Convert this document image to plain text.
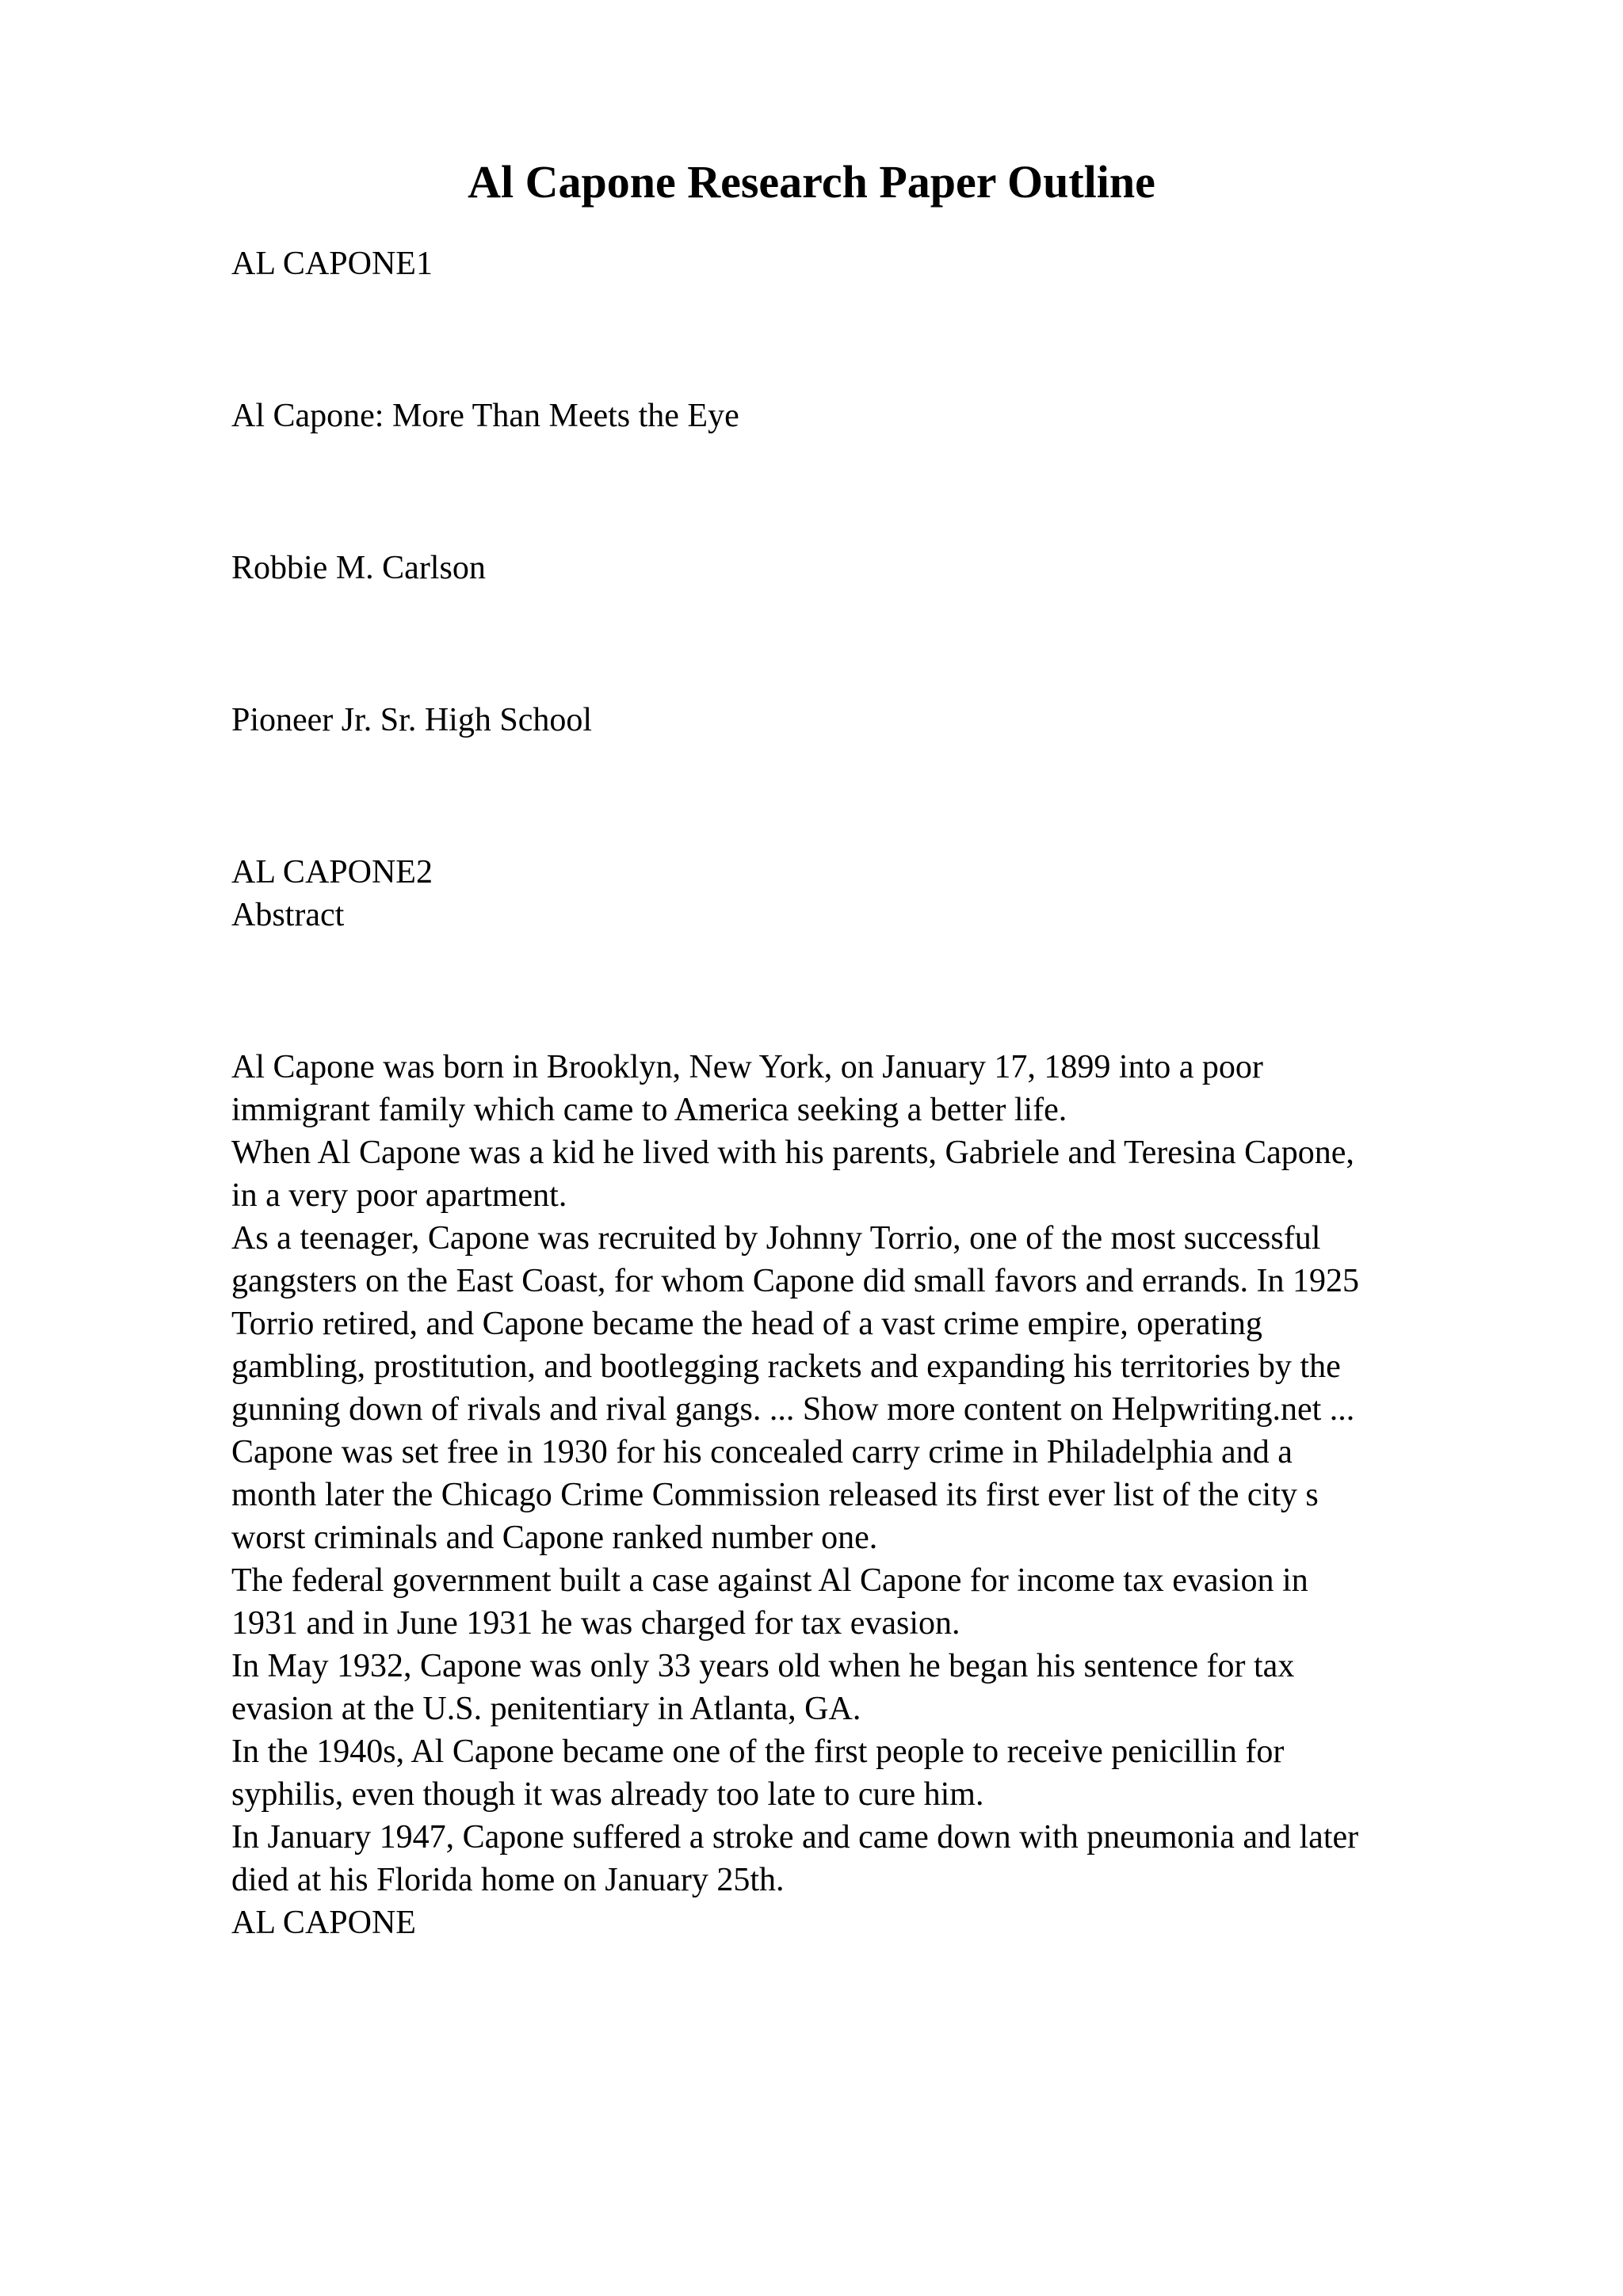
Al Capone Research Paper Outline

AL CAPONE1

Al Capone: More Than Meets the Eye

Robbie M. Carlson

Pioneer Jr. Sr. High School

AL CAPONE2

Abstract

Al Capone was born in Brooklyn, New York, on January 17, 1899 into a poor

immigrant family which came to America seeking a better life.

When Al Capone was a kid he lived with his parents, Gabriele and Teresina Capone,

in a very poor apartment.

As a teenager, Capone was recruited by Johnny Torrio, one of the most successful

gangsters on the East Coast, for whom Capone did small favors and errands. In 1925

Torrio retired, and Capone became the head of a vast crime empire, operating

gambling, prostitution, and bootlegging rackets and expanding his territories by the

gunning down of rivals and rival gangs. ... Show more content on Helpwriting.net ...

Capone was set free in 1930 for his concealed carry crime in Philadelphia and a

month later the Chicago Crime Commission released its first ever list of the city s

worst criminals and Capone ranked number one.

The federal government built a case against Al Capone for income tax evasion in

1931 and in June 1931 he was charged for tax evasion.

In May 1932, Capone was only 33 years old when he began his sentence for tax

evasion at the U.S. penitentiary in Atlanta, GA.

In the 1940s, Al Capone became one of the first people to receive penicillin for

syphilis, even though it was already too late to cure him.

In January 1947, Capone suffered a stroke and came down with pneumonia and later

died at his Florida home on January 25th.

AL CAPONE
